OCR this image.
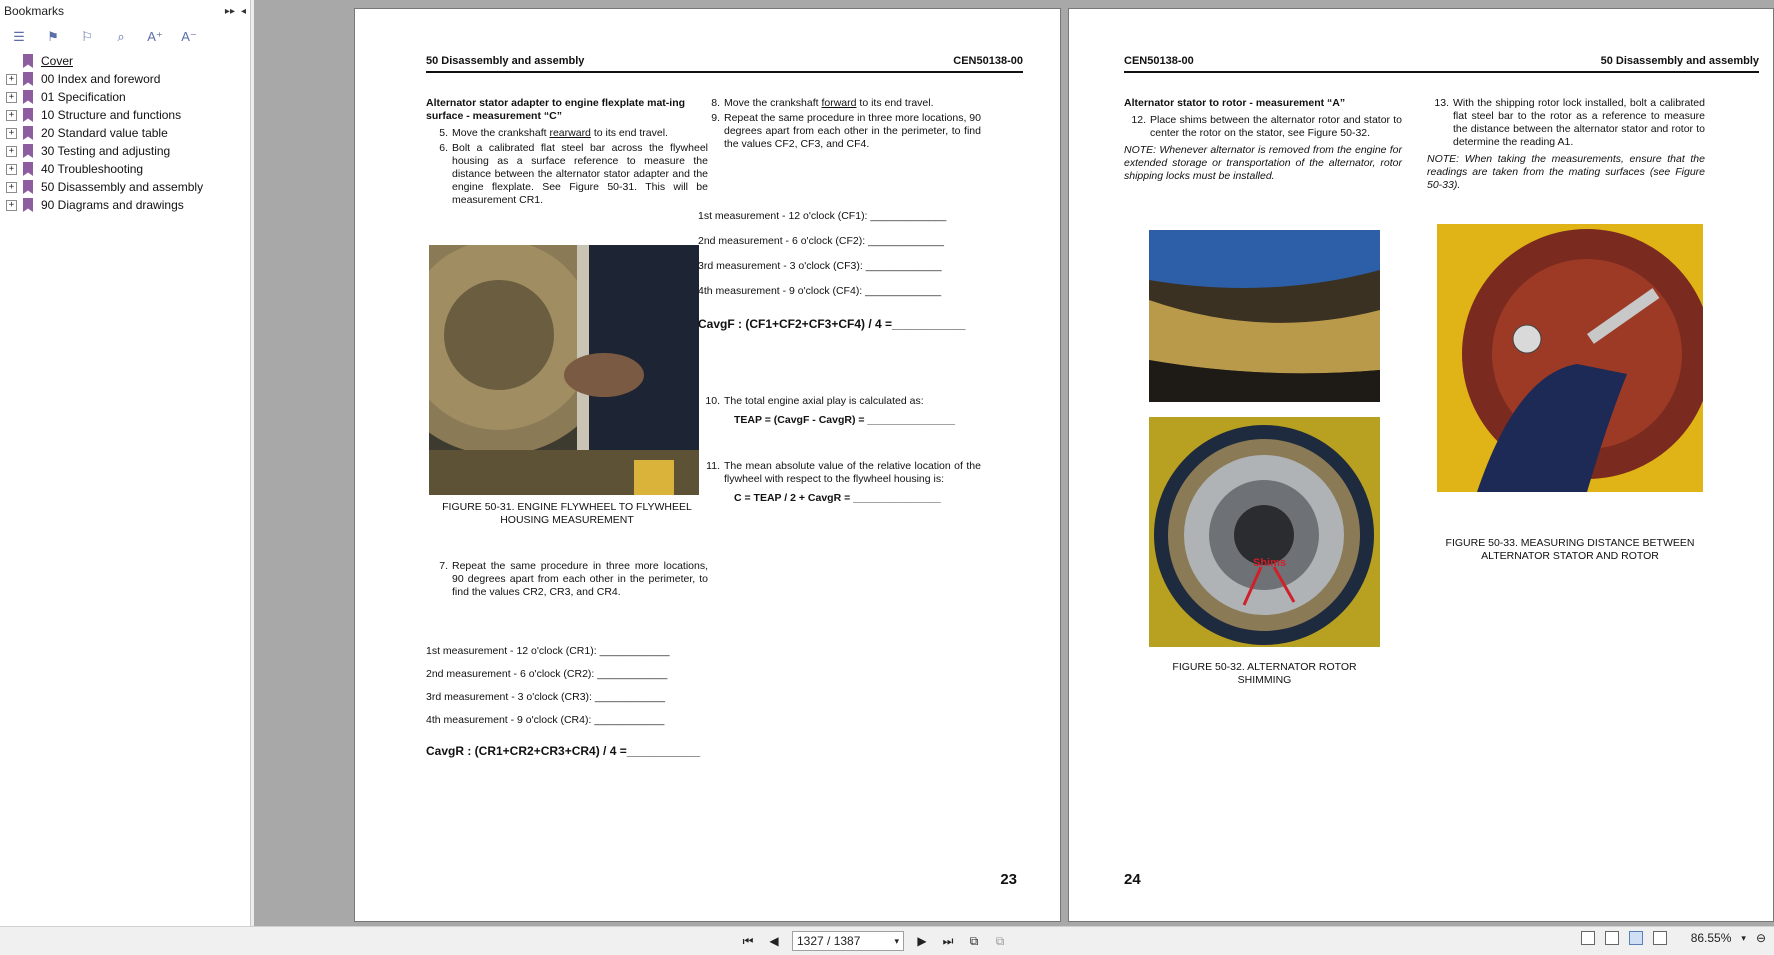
Bookmarks	▸▸ ◂
☰	⚑	⚐	⌕	A⁺ A⁻
Cover
+ 00 Index and foreword
+ 01 Specification
+ 10 Structure and functions
+ 20 Standard value table
+ 30 Testing and adjusting
+ 40 Troubleshooting
+ 50 Disassembly and assembly
+ 90 Diagrams and drawings
50 Disassembly and assembly	CEN50138-00
Alternator stator adapter to engine flexplate mat-ing surface - measurement “C”
5. Move the crankshaft rearward to its end travel.
6. Bolt a calibrated flat steel bar across the flywheel housing as a surface reference to measure the distance between the alternator stator adapter and the engine flexplate. See Figure 50-31. This will be measurement CR1.
FIGURE 50-31. ENGINE FLYWHEEL TO FLYWHEEL HOUSING MEASUREMENT
7. Repeat the same procedure in three more locations, 90 degrees apart from each other in the perimeter, to find the values CR2, CR3, and CR4.
1st measurement - 12 o'clock (CR1): ____________
2nd measurement - 6 o'clock (CR2): ____________
3rd measurement - 3 o'clock (CR3): ____________
4th measurement - 9 o'clock (CR4): ____________
CavgR : (CR1+CR2+CR3+CR4) / 4 =___________
8. Move the crankshaft forward to its end travel.
9. Repeat the same procedure in three more locations, 90 degrees apart from each other in the perimeter, to find the values CF2, CF3, and CF4.
1st measurement - 12 o'clock (CF1): _____________
2nd measurement - 6 o'clock (CF2): _____________
3rd measurement - 3 o'clock (CF3): _____________
4th measurement - 9 o'clock (CF4): _____________
CavgF : (CF1+CF2+CF3+CF4) / 4 =___________
10. The total engine axial play is calculated as:
TEAP = (CavgF - CavgR) = _______________
11. The mean absolute value of the relative location of the flywheel with respect to the flywheel housing is:
C = TEAP / 2 + CavgR = _______________
23
CEN50138-00	50 Disassembly and assembly
Alternator stator to rotor - measurement “A”
12. Place shims between the alternator rotor and stator to center the rotor on the stator, see Figure 50-32.
NOTE: Whenever alternator is removed from the engine for extended storage or transportation of the alternator, rotor shipping locks must be installed.
13. With the shipping rotor lock installed, bolt a calibrated flat steel bar to the rotor as a reference to measure the distance between the alternator stator and rotor to determine the reading A1.
NOTE: When taking the measurements, ensure that the readings are taken from the mating surfaces (see Figure 50-33).
Shims
FIGURE 50-32. ALTERNATOR ROTOR SHIMMING
FIGURE 50-33. MEASURING DISTANCE BETWEEN ALTERNATOR STATOR AND ROTOR
24
⏮ ◀ 1327 / 1387	▾ ▶ ⏭	⧉	⧉	86.55% ▾ ⊖
